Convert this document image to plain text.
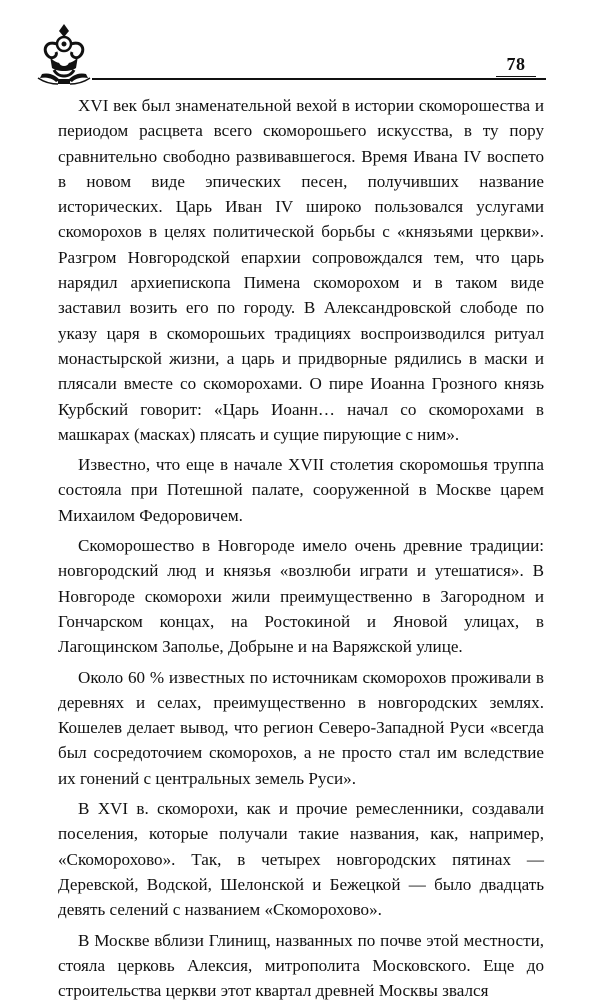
78

XVI век был знаменательной вехой в истории скоморошества и периодом расцвета всего скоморошьего искусства, в ту пору сравнительно свободно развивавшегося. Время Ивана IV воспето в новом виде эпических песен, получивших название исторических. Царь Иван IV широко пользовался услугами скоморохов в целях политической борьбы с «князьями церкви». Разгром Новгородской епархии сопровождался тем, что царь нарядил архиепископа Пимена скоморохом и в таком виде заставил возить его по городу. В Александровской слободе по указу царя в скоморошьих традициях воспроизводился ритуал монастырской жизни, а царь и придворные рядились в маски и плясали вместе со скоморохами. О пире Иоанна Грозного князь Курбский говорит: «Царь Иоанн… начал со скоморохами в машкарах (масках) плясать и сущие пирующие с ним».

Известно, что еще в начале XVII столетия скоромошья труппа состояла при Потешной палате, сооруженной в Москве царем Михаилом Федоровичем.

Скоморошество в Новгороде имело очень древние традиции: новгородский люд и князья «возлюби играти и утешатися». В Новгороде скоморохи жили преимущественно в Загородном и Гончарском концах, на Ростокиной и Яновой улицах, в Лагощинском Заполье, Добрыне и на Варяжской улице.

Около 60 % известных по источникам скоморохов проживали в деревнях и селах, преимущественно в новгородских землях. Кошелев делает вывод, что регион Северо-Западной Руси «всегда был сосредоточием скоморохов, а не просто стал им вследствие их гонений с центральных земель Руси».

В XVI в. скоморохи, как и прочие ремесленники, создавали поселения, которые получали такие названия, как, например, «Скоморохово». Так, в четырех новгородских пятинах — Деревской, Водской, Шелонской и Бежецкой — было двадцать девять селений с названием «Скоморохово».

В Москве вблизи Глинищ, названных по почве этой местности, стояла церковь Алексия, митрополита Московского. Еще до строительства церкви этот квартал древней Москвы звался
